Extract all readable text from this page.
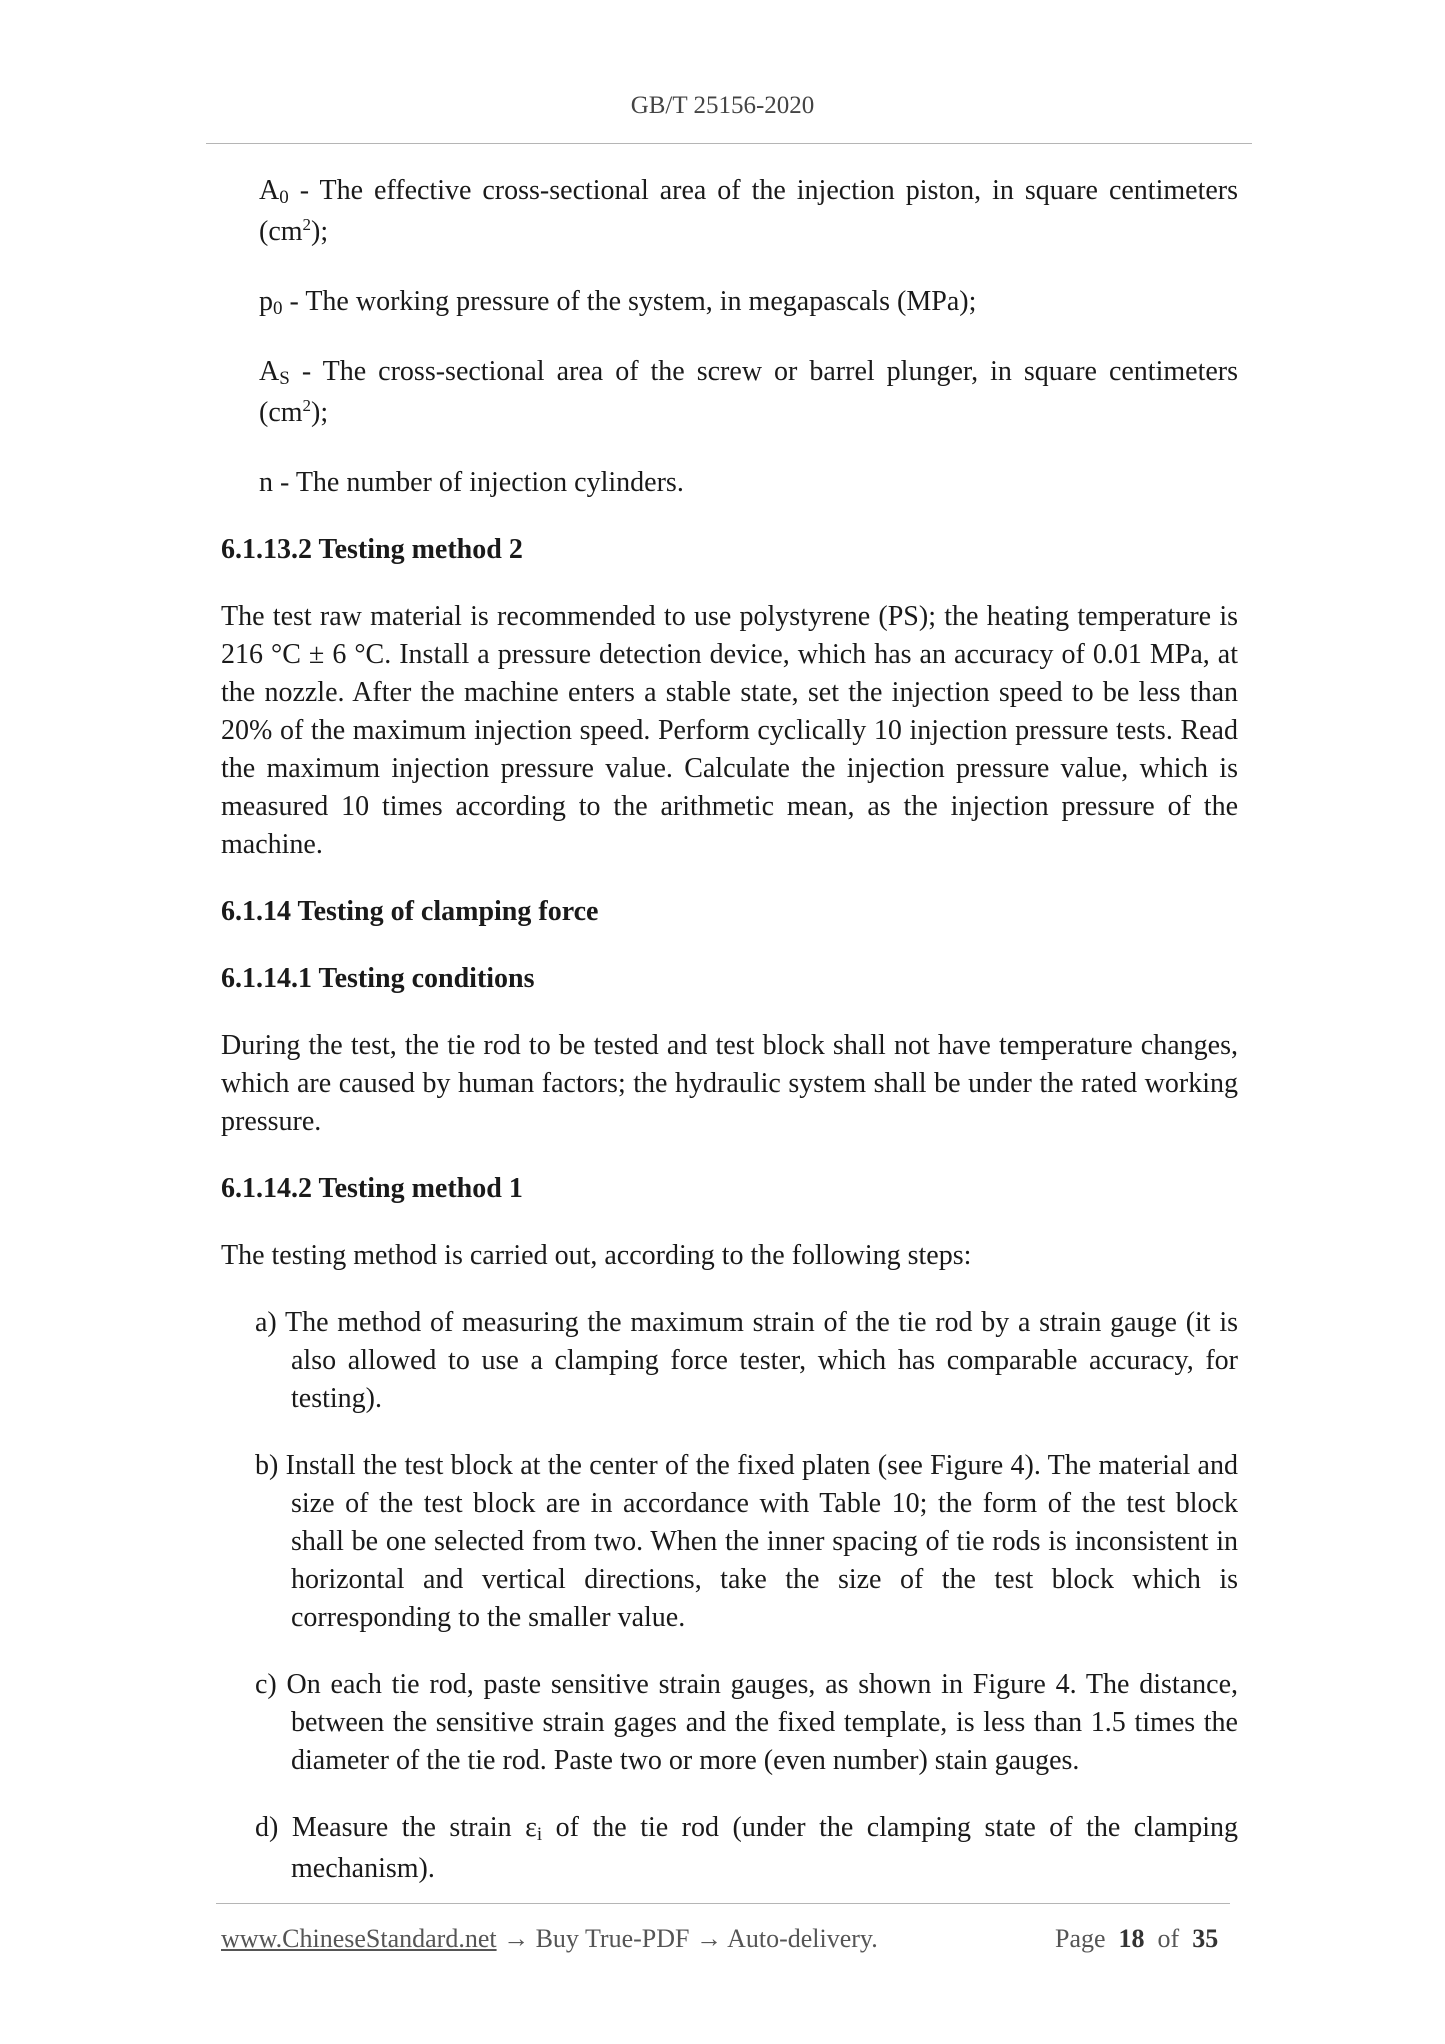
GB/T 25156-2020

A0 - The effective cross-sectional area of the injection piston, in square centimeters $(cm^2)$;

p0 - The working pressure of the system, in megapascals (MPa);

AS - The cross-sectional area of the screw or barrel plunger, in square centimeters $(cm^2)$;

n - The number of injection cylinders.

6.1.13.2 Testing method 2

The test raw material is recommended to use polystyrene (PS); the heating temperature is 216 °C ± 6 °C. Install a pressure detection device, which has an accuracy of 0.01 MPa, at the nozzle. After the machine enters a stable state, set the injection speed to be less than 20% of the maximum injection speed. Perform cyclically 10 injection pressure tests. Read the maximum injection pressure value. Calculate the injection pressure value, which is measured 10 times according to the arithmetic mean, as the injection pressure of the machine.

6.1.14 Testing of clamping force

6.1.14.1 Testing conditions

During the test, the tie rod to be tested and test block shall not have temperature changes, which are caused by human factors; the hydraulic system shall be under the rated working pressure.

6.1.14.2 Testing method 1

The testing method is carried out, according to the following steps:

a) The method of measuring the maximum strain of the tie rod by a strain gauge (it is also allowed to use a clamping force tester, which has comparable accuracy, for testing).

b) Install the test block at the center of the fixed platen (see Figure 4). The material and size of the test block are in accordance with Table 10; the form of the test block shall be one selected from two. When the inner spacing of tie rods is inconsistent in horizontal and vertical directions, take the size of the test block which is corresponding to the smaller value.

c) On each tie rod, paste sensitive strain gauges, as shown in Figure 4. The distance, between the sensitive strain gages and the fixed template, is less than 1.5 times the diameter of the tie rod. Paste two or more (even number) stain gauges.

d) Measure the strain εi of the tie rod (under the clamping state of the clamping mechanism).

www.ChineseStandard.net → Buy True-PDF → Auto-delivery.	Page 18 of 35
